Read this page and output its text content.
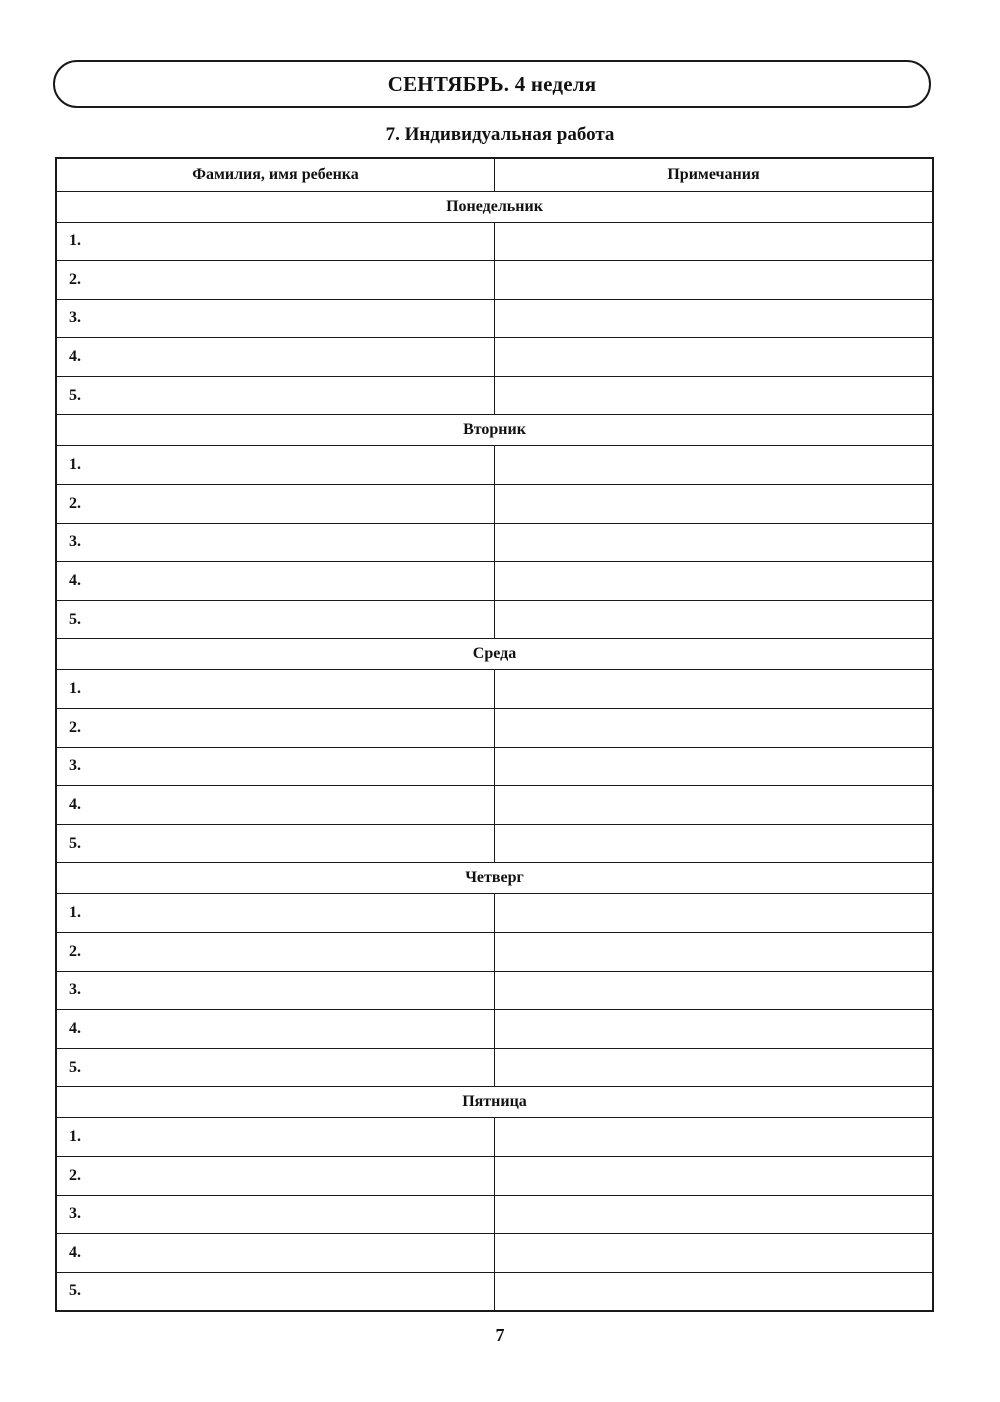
СЕНТЯБРЬ. 4 неделя
7. Индивидуальная работа
Фамилия, имя ребенка	Примечания
Понедельник	
1.	
2.	
3.	
4.	
5.	
Вторник	
1.	
2.	
3.	
4.	
5.	
Среда	
1.	
2.	
3.	
4.	
5.	
Четверг	
1.	
2.	
3.	
4.	
5.	
Пятница	
1.	
2.	
3.	
4.	
5.	
7
